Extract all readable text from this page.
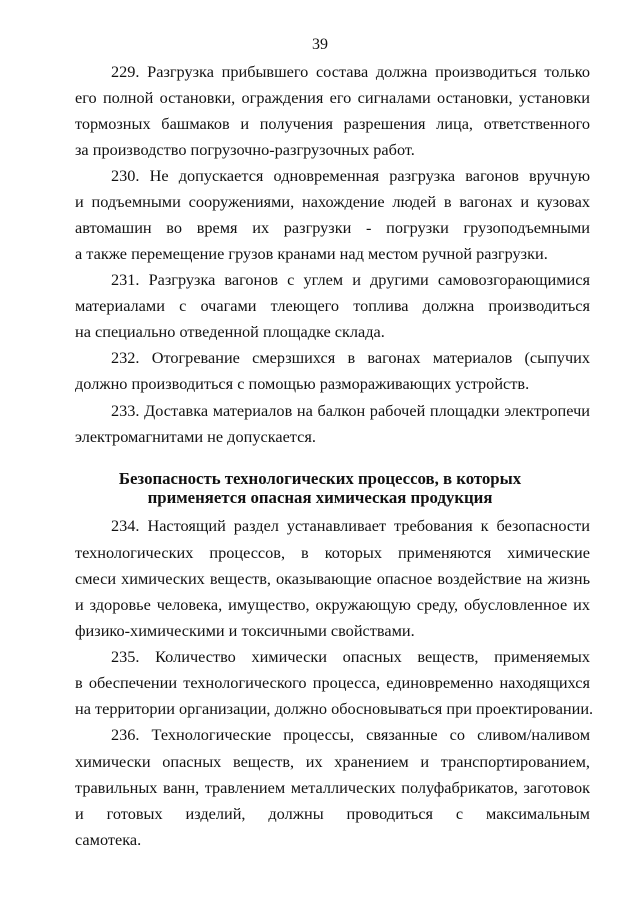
39
229. Разгрузка прибывшего состава должна производиться только
его полной остановки, ограждения его сигналами остановки, установки
тормозных башмаков и получения разрешения лица, ответственного
за производство погрузочно-разгрузочных работ.
230. Не допускается одновременная разгрузка вагонов вручную
и подъемными сооружениями, нахождение людей в вагонах и кузовах
автомашин во время их разгрузки - погрузки грузоподъемными
а также перемещение грузов кранами над местом ручной разгрузки.
231. Разгрузка вагонов с углем и другими самовозгорающимися
материалами с очагами тлеющего топлива должна производиться
на специально отведенной площадке склада.
232. Отогревание смерзшихся в вагонах материалов (сыпучих
должно производиться с помощью размораживающих устройств.
233. Доставка материалов на балкон рабочей площадки электропечи
электромагнитами не допускается.
Безопасность технологических процессов, в которых
применяется опасная химическая продукция
234. Настоящий раздел устанавливает требования к безопасности
технологических процессов, в которых применяются химические
смеси химических веществ, оказывающие опасное воздействие на жизнь
и здоровье человека, имущество, окружающую среду, обусловленное их
физико-химическими и токсичными свойствами.
235. Количество химически опасных веществ, применяемых
в обеспечении технологического процесса, единовременно находящихся
на территории организации, должно обосновываться при проектировании.
236. Технологические процессы, связанные со сливом/наливом
химически опасных веществ, их хранением и транспортированием,
травильных ванн, травлением металлических полуфабрикатов, заготовок
и готовых изделий, должны проводиться с максимальным
самотека.
